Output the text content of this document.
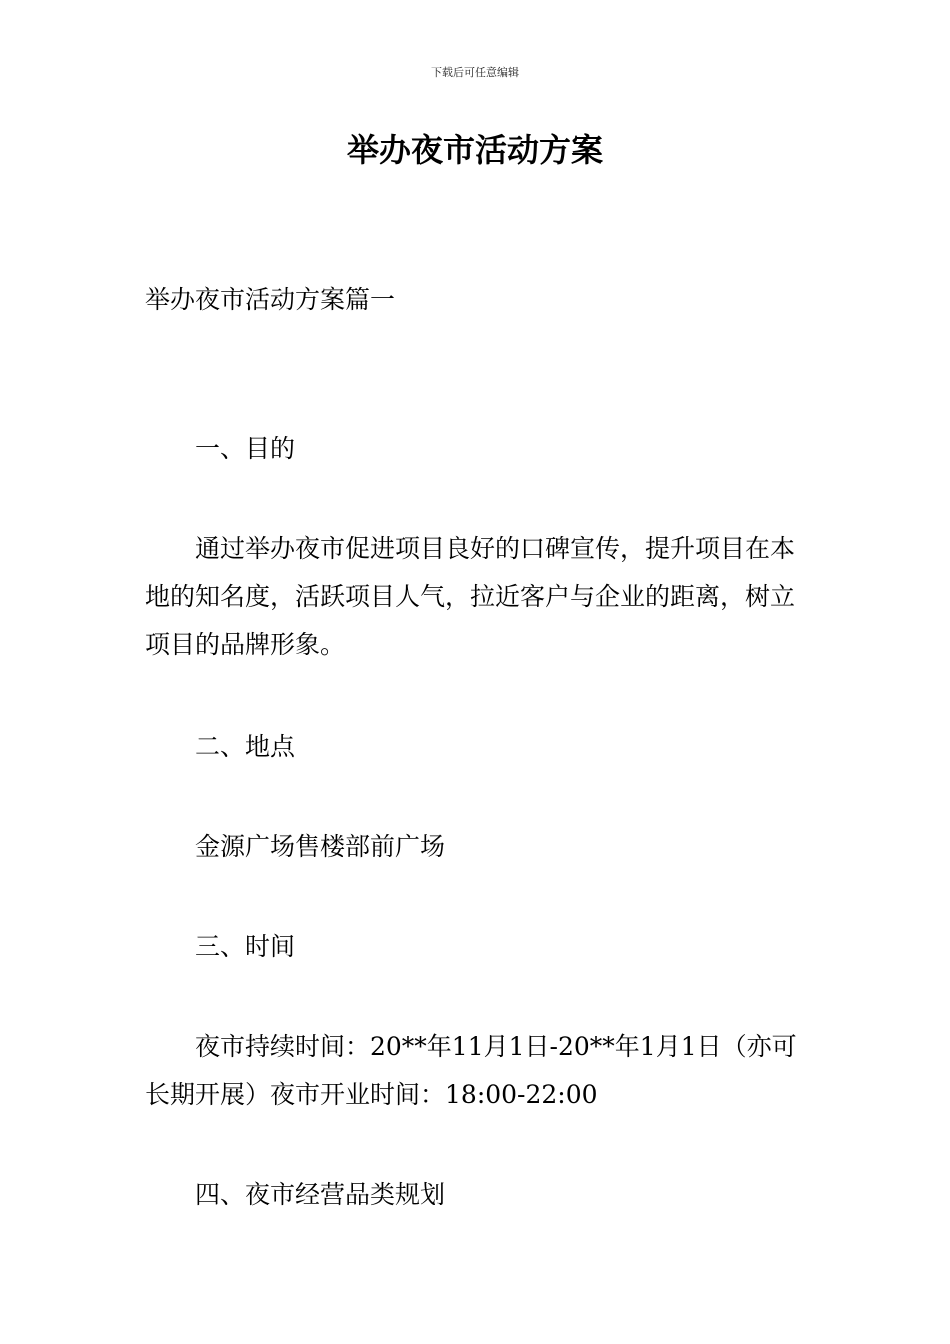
下载后可任意编辑
举办夜市活动方案

举办夜市活动方案篇一

一、目的

通过举办夜市促进项目良好的口碑宣传，提升项目在本地的知名度，活跃项目人气，拉近客户与企业的距离，树立项目的品牌形象。

二、地点

金源广场售楼部前广场

三、时间

夜市持续时间：20**年11月1日-20**年1月1日（亦可长期开展）夜市开业时间：18:00-22:00

四、夜市经营品类规划
